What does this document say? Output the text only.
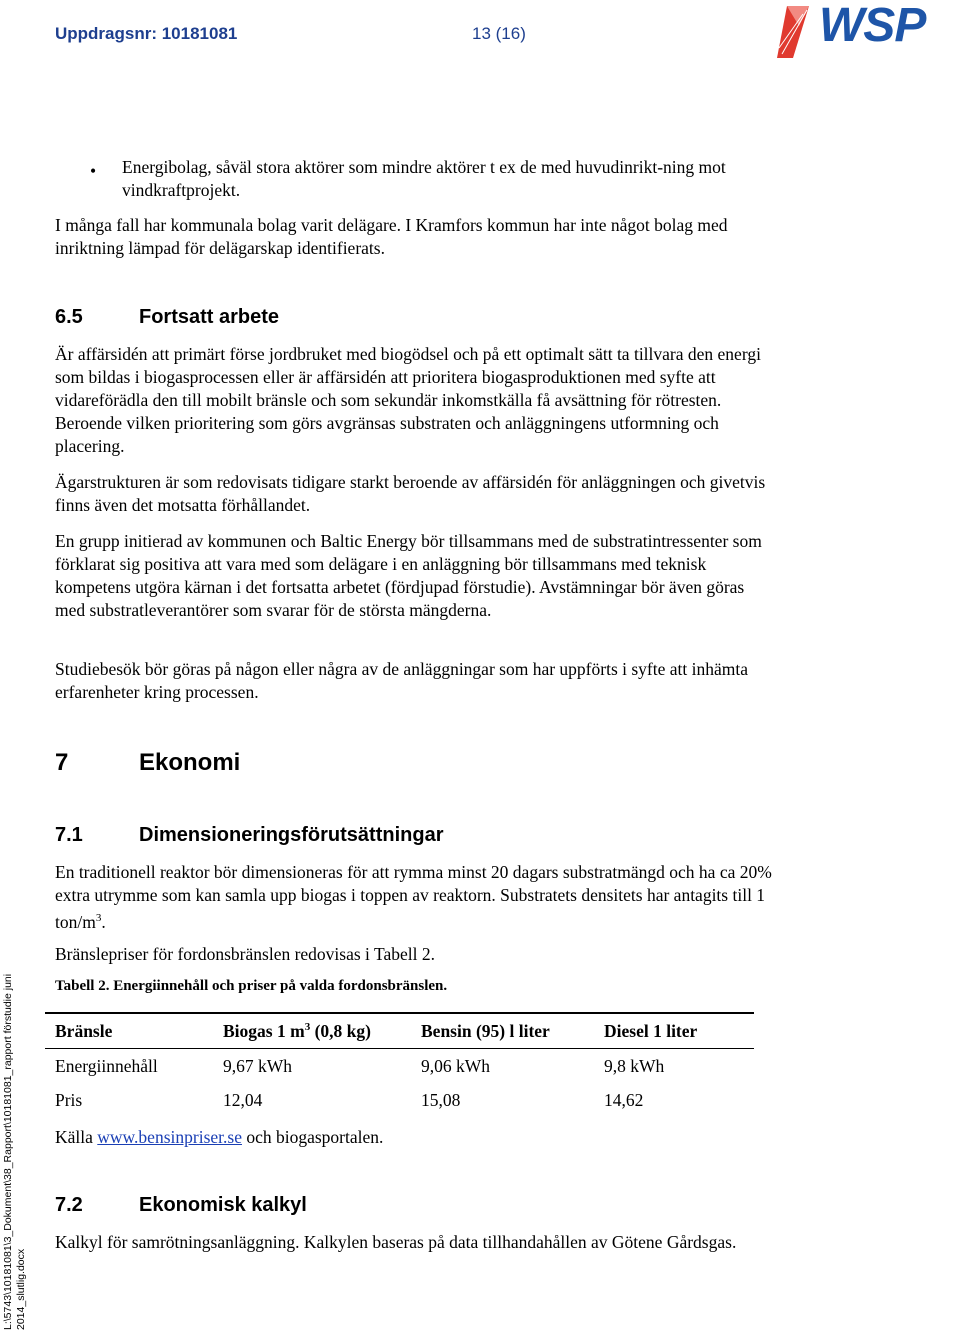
Uppdragsnr: 10181081	13 (16)	WSP
• Energibolag, såväl stora aktörer som mindre aktörer t ex de med huvudinrikt-ning mot vindkraftprojekt.
I många fall har kommunala bolag varit delägare. I Kramfors kommun har inte något bolag med inriktning lämpad för delägarskap identifierats.
6.5	Fortsatt arbete
Är affärsidén att primärt förse jordbruket med biogödsel och på ett optimalt sätt ta tillvara den energi som bildas i biogasprocessen eller är affärsidén att prioritera biogasproduktionen med syfte att vidareförädla den till mobilt bränsle och som sekundär inkomstkälla få avsättning för rötresten. Beroende vilken prioritering som görs avgränsas substraten och anläggningens utformning och placering.
Ägarstrukturen är som redovisats tidigare starkt beroende av affärsidén för anläggningen och givetvis finns även det motsatta förhållandet.
En grupp initierad av kommunen och Baltic Energy bör tillsammans med de substratintressenter som förklarat sig positiva att vara med som delägare i en anläggning bör tillsammans med teknisk kompetens utgöra kärnan i det fortsatta arbetet (fördjupad förstudie). Avstämningar bör även göras med substratleverantörer som svarar för de största mängderna.
Studiebesök bör göras på någon eller några av de anläggningar som har uppförts i syfte att inhämta erfarenheter kring processen.
7	Ekonomi
7.1	Dimensioneringsförutsättningar
En traditionell reaktor bör dimensioneras för att rymma minst 20 dagars substratmängd och ha ca 20% extra utrymme som kan samla upp biogas i toppen av reaktorn. Substratets densitets har antagits till 1 ton/$m^3$.
Bränslepriser för fordonsbränslen redovisas i Tabell 2.
Tabell 2. Energiinnehåll och priser på valda fordonsbränslen.
Bränsle	Biogas 1 $m^3$ (0,8 kg)	Bensin (95) l liter	Diesel 1 liter
Energiinnehåll	9,67 kWh	9,06 kWh	9,8 kWh
Pris	12,04	15,08	14,62
Källa www.bensinpriser.se och biogasportalen.
7.2	Ekonomisk kalkyl
Kalkyl för samrötningsanläggning. Kalkylen baseras på data tillhandahållen av Götene Gårdsgas.
L:\5743\10181081\3_Dokument\38_Rapport\10181081_rapport förstudie juni 2014_slutlig.docx
